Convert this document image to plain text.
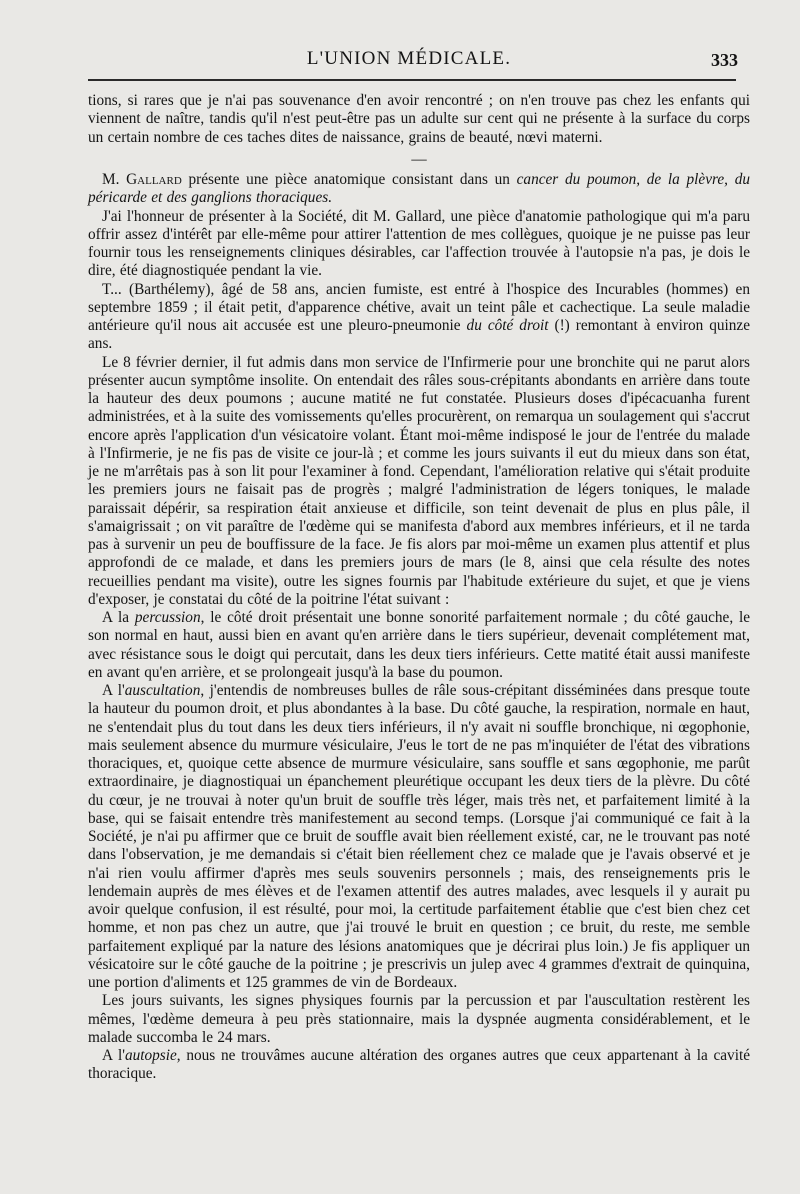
L'UNION MÉDICALE.	333

tions, si rares que je n'ai pas souvenance d'en avoir rencontré ; on n'en trouve pas chez les enfants qui viennent de naître, tandis qu'il n'est peut-être pas un adulte sur cent qui ne présente à la surface du corps un certain nombre de ces taches dites de naissance, grains de beauté, nœvi materni.

—

M. Gallard présente une pièce anatomique consistant dans un cancer du poumon, de la plèvre, du péricarde et des ganglions thoraciques.

J'ai l'honneur de présenter à la Société, dit M. Gallard, une pièce d'anatomie pathologique qui m'a paru offrir assez d'intérêt par elle-même pour attirer l'attention de mes collègues, quoique je ne puisse pas leur fournir tous les renseignements cliniques désirables, car l'affection trouvée à l'autopsie n'a pas, je dois le dire, été diagnostiquée pendant la vie.

T... (Barthélemy), âgé de 58 ans, ancien fumiste, est entré à l'hospice des Incurables (hommes) en septembre 1859 ; il était petit, d'apparence chétive, avait un teint pâle et cachectique. La seule maladie antérieure qu'il nous ait accusée est une pleuro-pneumonie du côté droit (!) remontant à environ quinze ans.

Le 8 février dernier, il fut admis dans mon service de l'Infirmerie pour une bronchite qui ne parut alors présenter aucun symptôme insolite. On entendait des râles sous-crépitants abondants en arrière dans toute la hauteur des deux poumons ; aucune matité ne fut constatée. Plusieurs doses d'ipécacuanha furent administrées, et à la suite des vomissements qu'elles procurèrent, on remarqua un soulagement qui s'accrut encore après l'application d'un vésicatoire volant. Étant moi-même indisposé le jour de l'entrée du malade à l'Infirmerie, je ne fis pas de visite ce jour-là ; et comme les jours suivants il eut du mieux dans son état, je ne m'arrêtais pas à son lit pour l'examiner à fond. Cependant, l'amélioration relative qui s'était produite les premiers jours ne faisait pas de progrès ; malgré l'administration de légers toniques, le malade paraissait dépérir, sa respiration était anxieuse et difficile, son teint devenait de plus en plus pâle, il s'amaigrissait ; on vit paraître de l'œdème qui se manifesta d'abord aux membres inférieurs, et il ne tarda pas à survenir un peu de bouffissure de la face. Je fis alors par moi-même un examen plus attentif et plus approfondi de ce malade, et dans les premiers jours de mars (le 8, ainsi que cela résulte des notes recueillies pendant ma visite), outre les signes fournis par l'habitude extérieure du sujet, et que je viens d'exposer, je constatai du côté de la poitrine l'état suivant :

A la percussion, le côté droit présentait une bonne sonorité parfaitement normale ; du côté gauche, le son normal en haut, aussi bien en avant qu'en arrière dans le tiers supérieur, devenait complétement mat, avec résistance sous le doigt qui percutait, dans les deux tiers inférieurs. Cette matité était aussi manifeste en avant qu'en arrière, et se prolongeait jusqu'à la base du poumon.

A l'auscultation, j'entendis de nombreuses bulles de râle sous-crépitant disséminées dans presque toute la hauteur du poumon droit, et plus abondantes à la base. Du côté gauche, la respiration, normale en haut, ne s'entendait plus du tout dans les deux tiers inférieurs, il n'y avait ni souffle bronchique, ni œgophonie, mais seulement absence du murmure vésiculaire, J'eus le tort de ne pas m'inquiéter de l'état des vibrations thoraciques, et, quoique cette absence de murmure vésiculaire, sans souffle et sans œgophonie, me parût extraordinaire, je diagnostiquai un épanchement pleurétique occupant les deux tiers de la plèvre. Du côté du cœur, je ne trouvai à noter qu'un bruit de souffle très léger, mais très net, et parfaitement limité à la base, qui se faisait entendre très manifestement au second temps. (Lorsque j'ai communiqué ce fait à la Société, je n'ai pu affirmer que ce bruit de souffle avait bien réellement existé, car, ne le trouvant pas noté dans l'observation, je me demandais si c'était bien réellement chez ce malade que je l'avais observé et je n'ai rien voulu affirmer d'après mes seuls souvenirs personnels ; mais, des renseignements pris le lendemain auprès de mes élèves et de l'examen attentif des autres malades, avec lesquels il y aurait pu avoir quelque confusion, il est résulté, pour moi, la certitude parfaitement établie que c'est bien chez cet homme, et non pas chez un autre, que j'ai trouvé le bruit en question ; ce bruit, du reste, me semble parfaitement expliqué par la nature des lésions anatomiques que je décrirai plus loin.) Je fis appliquer un vésicatoire sur le côté gauche de la poitrine ; je prescrivis un julep avec 4 grammes d'extrait de quinquina, une portion d'aliments et 125 grammes de vin de Bordeaux.

Les jours suivants, les signes physiques fournis par la percussion et par l'auscultation restèrent les mêmes, l'œdème demeura à peu près stationnaire, mais la dyspnée augmenta considérablement, et le malade succomba le 24 mars.

A l'autopsie, nous ne trouvâmes aucune altération des organes autres que ceux appartenant à la cavité thoracique.
